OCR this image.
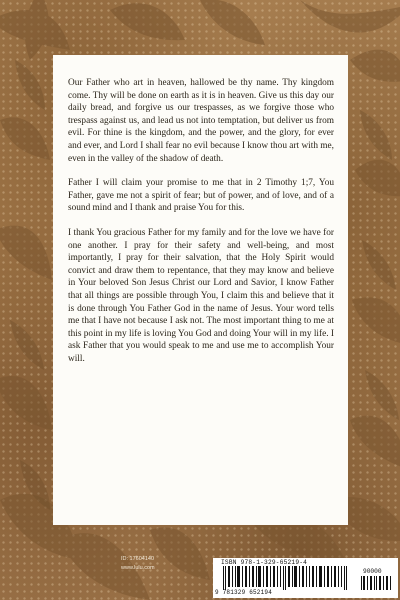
Our Father who art in heaven, hallowed be thy name. Thy kingdom come. Thy will be done on earth as it is in heaven. Give us this day our daily bread, and forgive us our trespasses, as we forgive those who trespass against us, and lead us not into temptation, but deliver us from evil. For thine is the kingdom, and the power, and the glory, for ever and ever, and Lord I shall fear no evil because I know thou art with me, even in the valley of the shadow of death.

Father I will claim your promise to me that in 2 Timothy 1;7, You Father, gave me not a spirit of fear; but of power, and of love, and of a sound mind and I thank and praise You for this.

I thank You gracious Father for my family and for the love we have for one another. I pray for their safety and well-being, and most importantly, I pray for their salvation, that the Holy Spirit would convict and draw them to repentance, that they may know and believe in Your beloved Son Jesus Christ our Lord and Savior, I know Father that all things are possible through You, I claim this and believe that it is done through You Father God in the name of Jesus. Your word tells me that I have not because I ask not. The most important thing to me at this point in my life is loving You God and doing Your will in my life. I ask Father that you would speak to me and use me to accomplish Your will.

ID: 17604140
www.lulu.com
ISBN 978-1-329-65219-4
90000
9 781329 652194
